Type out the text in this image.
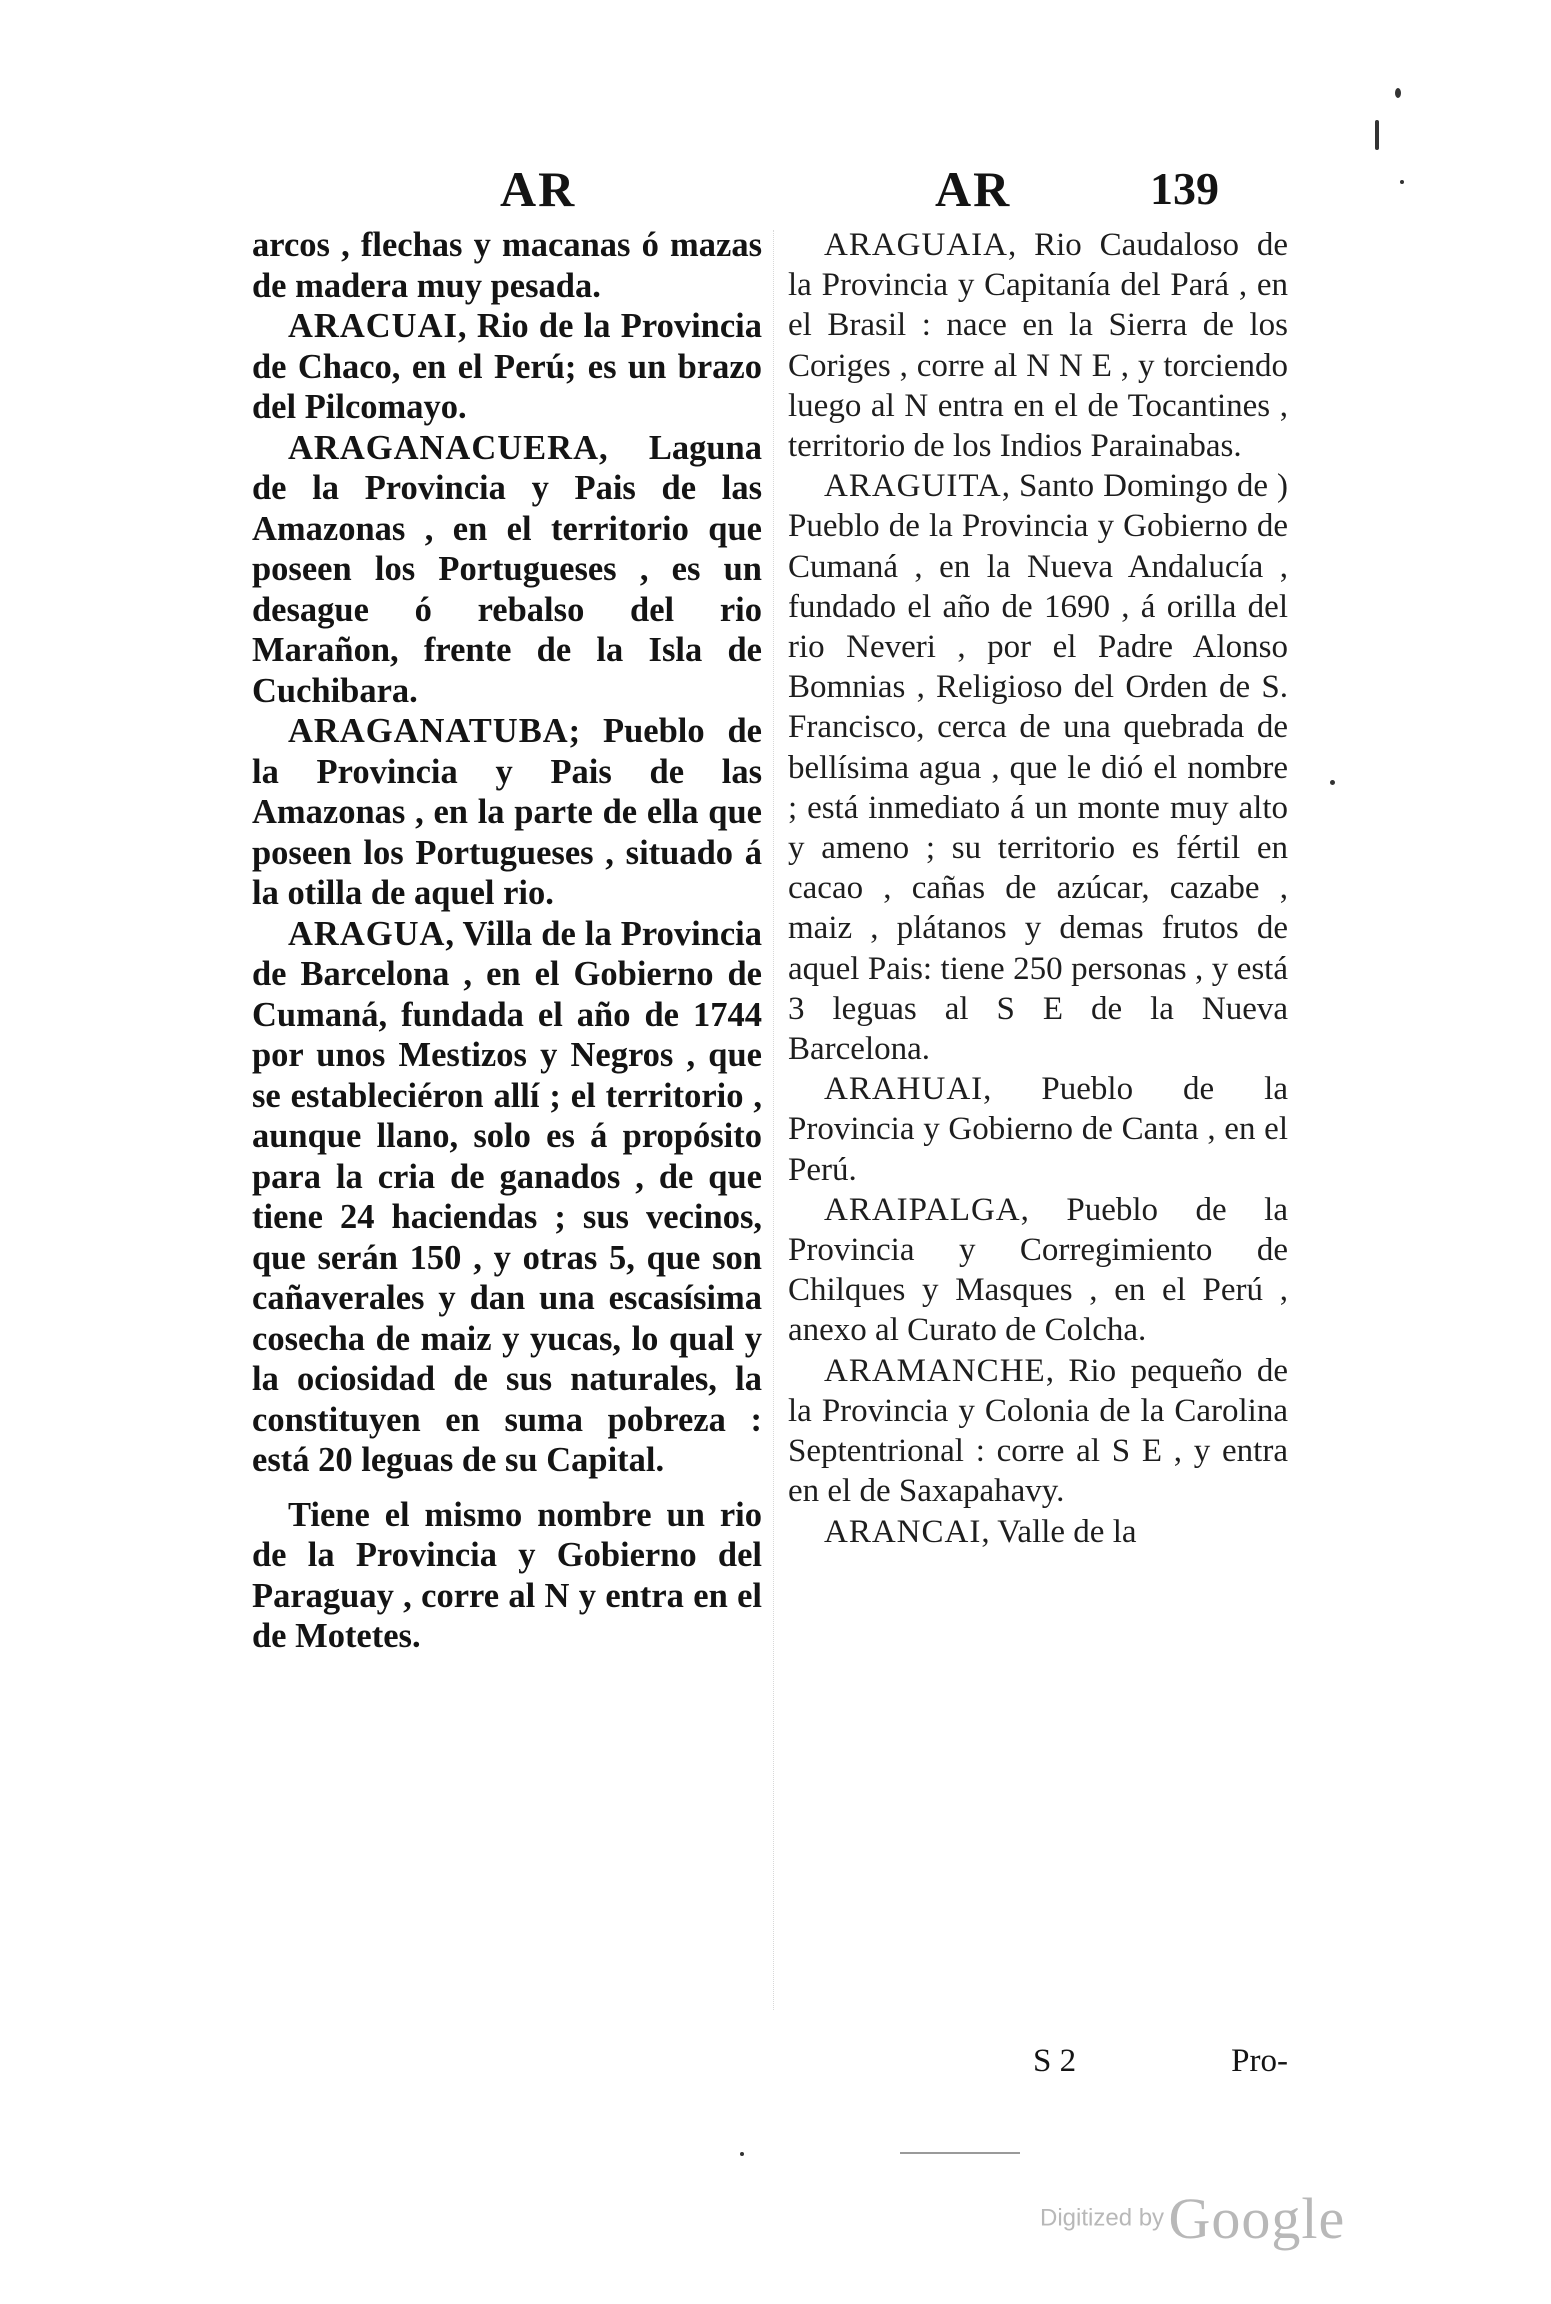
AR	AR	139

arcos , flechas y macanas ó mazas de madera muy pesada.

ARACUAI, Rio de la Provincia de Chaco, en el Perú; es un brazo del Pilcomayo.

ARAGANACUERA, Laguna de la Provincia y Pais de las Amazonas , en el territorio que poseen los Portugueses , es un desague ó rebalso del rio Marañon, frente de la Isla de Cuchibara.

ARAGANATUBA; Pueblo de la Provincia y Pais de las Amazonas , en la parte de ella que poseen los Portugueses , situado á la otilla de aquel rio.

ARAGUA, Villa de la Provincia de Barcelona , en el Gobierno de Cumaná, fundada el año de 1744 por unos Mestizos y Negros , que se estableciéron allí ; el territorio , aunque llano, solo es á propósito para la cria de ganados , de que tiene 24 haciendas ; sus vecinos, que serán 150 , y otras 5, que son cañaverales y dan una escasísima cosecha de maiz y yucas, lo qual y la ociosidad de sus naturales, la constituyen en suma pobreza : está 20 leguas de su Capital.

Tiene el mismo nombre un rio de la Provincia y Gobierno del Paraguay , corre al N y entra en el de Motetes.

ARAGUAIA, Rio Caudaloso de la Provincia y Capitanía del Pará , en el Brasil : nace en la Sierra de los Coriges , corre al N N E , y torciendo luego al N entra en el de Tocantines , territorio de los Indios Parainabas.

ARAGUITA, Santo Domingo de ) Pueblo de la Provincia y Gobierno de Cumaná , en la Nueva Andalucía , fundado el año de 1690 , á orilla del rio Neveri , por el Padre Alonso Bomnias , Religioso del Orden de S. Francisco, cerca de una quebrada de bellísima agua , que le dió el nombre ; está inmediato á un monte muy alto y ameno ; su territorio es fértil en cacao , cañas de azúcar, cazabe , maiz , plátanos y demas frutos de aquel Pais: tiene 250 personas , y está 3 leguas al S E de la Nueva Barcelona.

ARAHUAI, Pueblo de la Provincia y Gobierno de Canta , en el Perú.

ARAIPALGA, Pueblo de la Provincia y Corregimiento de Chilques y Masques , en el Perú , anexo al Curato de Colcha.

ARAMANCHE, Rio pequeño de la Provincia y Colonia de la Carolina Septentrional : corre al S E , y entra en el de Saxapahavy.

ARANCAI, Valle de la

S 2	Pro-
Digitized by Google
